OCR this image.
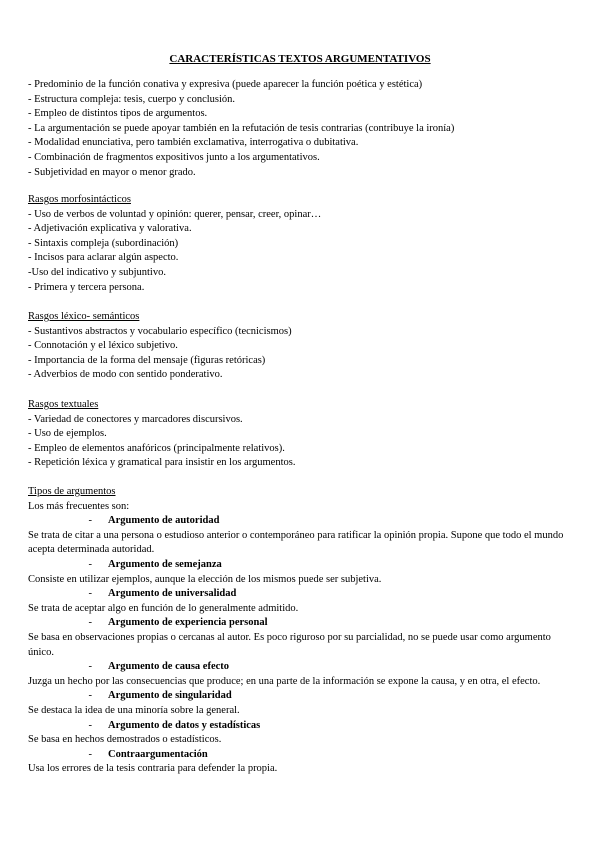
CARACTERÍSTICAS TEXTOS ARGUMENTATIVOS
- Predominio de la función conativa y expresiva (puede aparecer la función poética y estética)
- Estructura compleja: tesis, cuerpo y conclusión.
- Empleo de distintos tipos de argumentos.
- La argumentación se puede apoyar también en la refutación de tesis contrarias (contribuye la ironía)
- Modalidad enunciativa, pero también exclamativa, interrogativa o dubitativa.
- Combinación de fragmentos expositivos junto a los argumentativos.
- Subjetividad en mayor o menor grado.
Rasgos morfosintácticos
- Uso de verbos de voluntad y opinión: querer, pensar, creer, opinar…
- Adjetivación explicativa y valorativa.
- Sintaxis compleja (subordinación)
- Incisos para aclarar algún aspecto.
-Uso del indicativo y subjuntivo.
- Primera y tercera persona.
Rasgos léxico- semánticos
- Sustantivos abstractos y vocabulario específico (tecnicismos)
- Connotación y el léxico subjetivo.
- Importancia de la forma del mensaje (figuras retóricas)
- Adverbios de modo con sentido ponderativo.
Rasgos textuales
- Variedad de conectores y marcadores discursivos.
- Uso de ejemplos.
- Empleo de elementos anafóricos (principalmente relativos).
- Repetición léxica y gramatical para insistir en los argumentos.
Tipos de argumentos
Los más frecuentes son:
- Argumento de autoridad
Se trata de citar a una persona o estudioso anterior o contemporáneo para ratificar la opinión propia. Supone que todo el mundo acepta determinada autoridad.
- Argumento de semejanza
Consiste en utilizar ejemplos, aunque la elección de los mismos puede ser subjetiva.
- Argumento de universalidad
Se trata de aceptar algo en función de lo generalmente admitido.
- Argumento de experiencia personal
Se basa en observaciones propias o cercanas al autor. Es poco riguroso por su parcialidad, no se puede usar como argumento único.
- Argumento de causa efecto
Juzga un hecho por las consecuencias que produce; en una parte de la información se expone la causa, y en otra, el efecto.
- Argumento de singularidad
Se destaca la idea de una minoría sobre la general.
- Argumento de datos y estadísticas
Se basa en hechos demostrados o estadísticos.
- Contraargumentación
Usa los errores de la tesis contraria para defender la propia.
